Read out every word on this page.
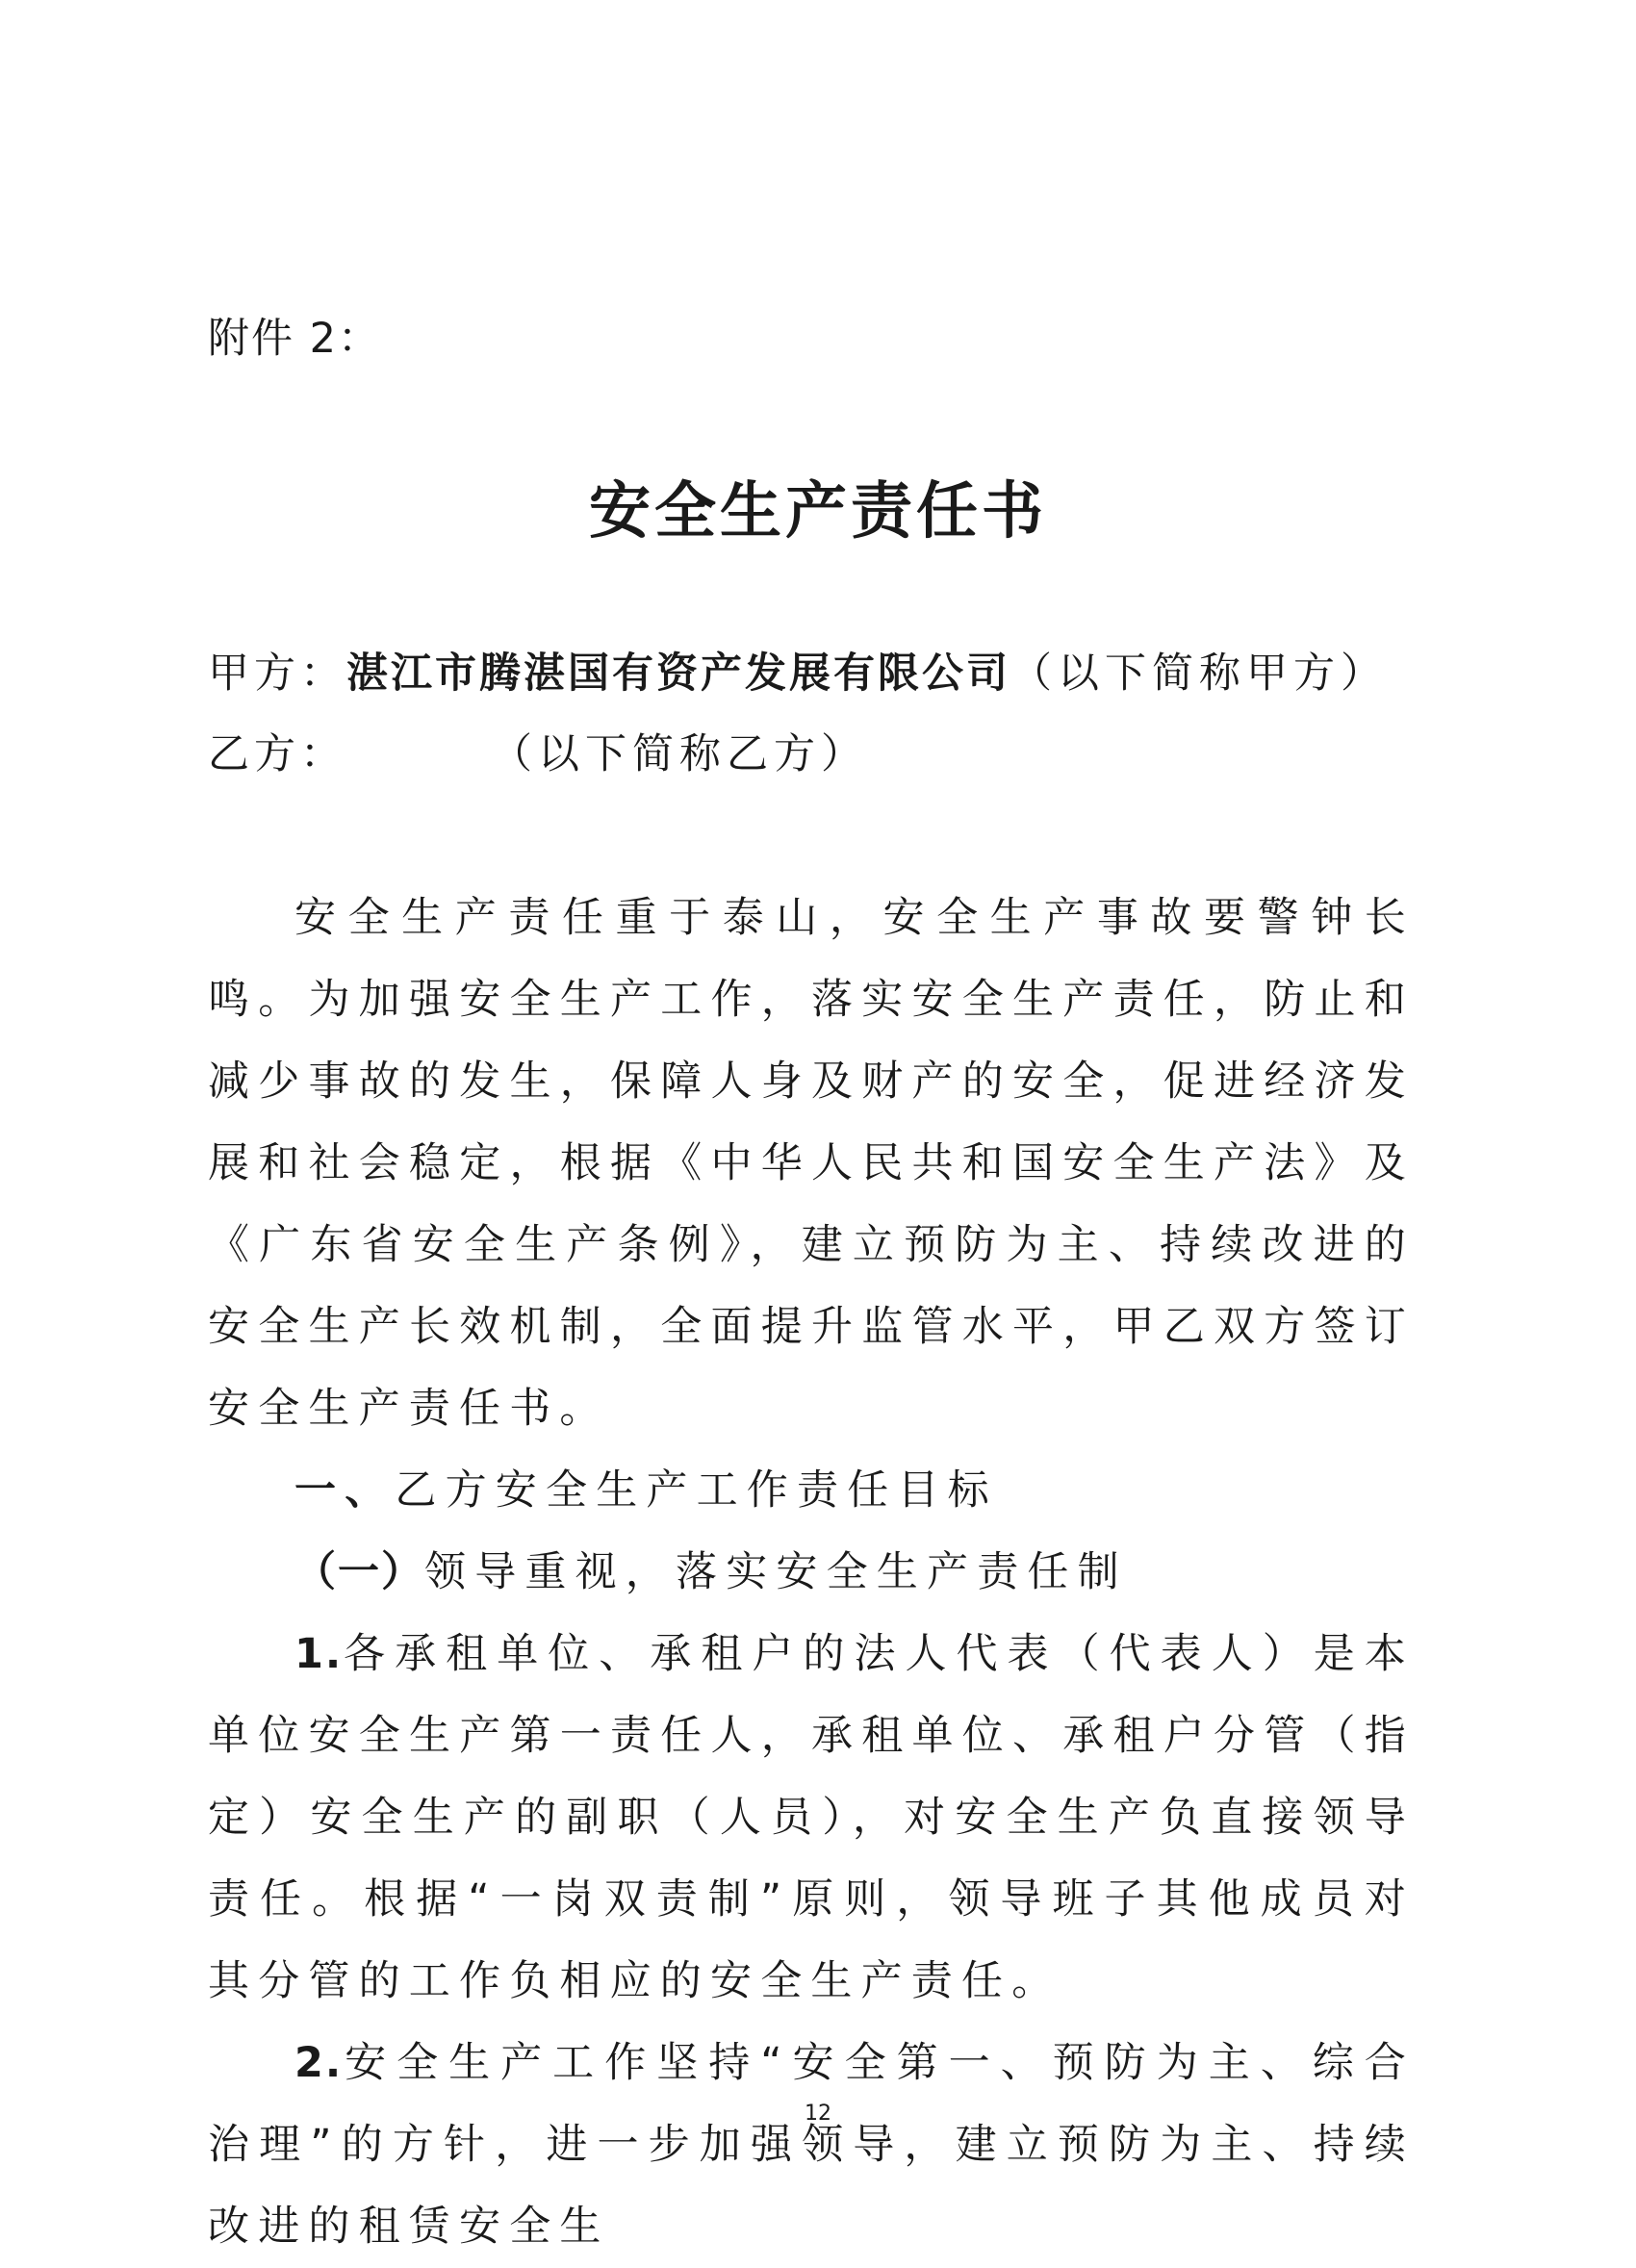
附件 2：
安全生产责任书
甲方：湛江市腾湛国有资产发展有限公司（以下简称甲方）
乙方：	（以下简称乙方）

安全生产责任重于泰山，安全生产事故要警钟长鸣。为加强安全生产工作，落实安全生产责任，防止和减少事故的发生，保障人身及财产的安全，促进经济发展和社会稳定，根据《中华人民共和国安全生产法》及《广东省安全生产条例》，建立预防为主、持续改进的安全生产长效机制，全面提升监管水平，甲乙双方签订安全生产责任书。

一、乙方安全生产工作责任目标

（一）领导重视，落实安全生产责任制

1.各承租单位、承租户的法人代表（代表人）是本单位安全生产第一责任人，承租单位、承租户分管（指定）安全生产的副职（人员），对安全生产负直接领导责任。根据“一岗双责制”原则，领导班子其他成员对其分管的工作负相应的安全生产责任。

2.安全生产工作坚持“安全第一、预防为主、综合治理”的方针，进一步加强领导，建立预防为主、持续改进的租赁安全生

12
